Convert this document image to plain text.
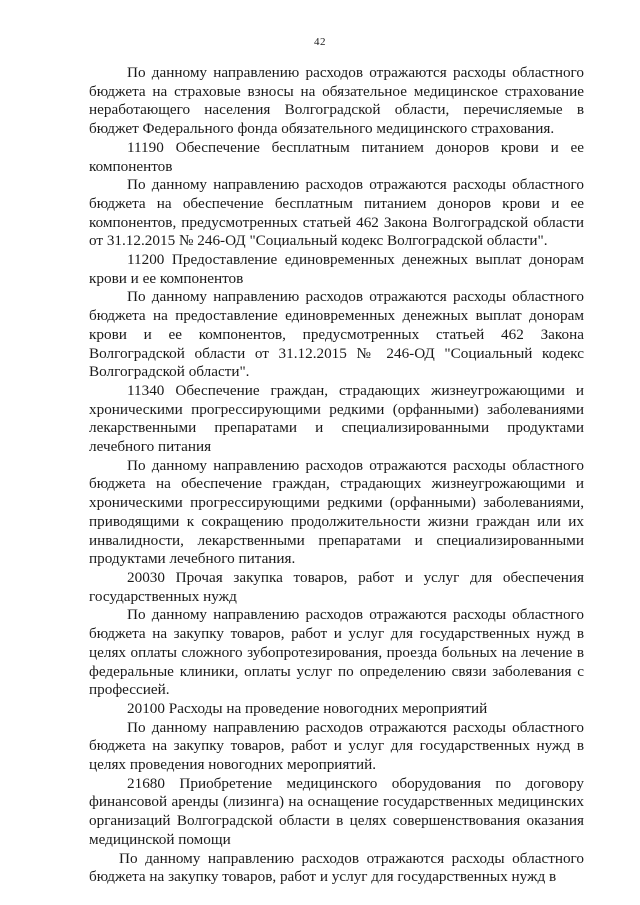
42

По данному направлению расходов отражаются расходы областного бюджета на страховые взносы на обязательное медицинское страхование неработающего населения Волгоградской области, перечисляемые в бюджет Федерального фонда обязательного медицинского страхования.

11190 Обеспечение бесплатным питанием доноров крови и ее компонентов

По данному направлению расходов отражаются расходы областного бюджета на обеспечение бесплатным питанием доноров крови и ее компонентов, предусмотренных статьей 462 Закона Волгоградской области от 31.12.2015 № 246-ОД "Социальный кодекс Волгоградской области".

11200 Предоставление единовременных денежных выплат донорам крови и ее компонентов

По данному направлению расходов отражаются расходы областного бюджета на предоставление единовременных денежных выплат донорам крови и ее компонентов, предусмотренных статьей 462 Закона Волгоградской области от 31.12.2015 № 246-ОД "Социальный кодекс Волгоградской области".

11340 Обеспечение граждан, страдающих жизнеугрожающими и хроническими прогрессирующими редкими (орфанными) заболеваниями лекарственными препаратами и специализированными продуктами лечебного питания

По данному направлению расходов отражаются расходы областного бюджета на обеспечение граждан, страдающих жизнеугрожающими и хроническими прогрессирующими редкими (орфанными) заболеваниями, приводящими к сокращению продолжительности жизни граждан или их инвалидности, лекарственными препаратами и специализированными продуктами лечебного питания.

20030 Прочая закупка товаров, работ и услуг для обеспечения государственных нужд

По данному направлению расходов отражаются расходы областного бюджета на закупку товаров, работ и услуг для государственных нужд в целях оплаты сложного зубопротезирования, проезда больных на лечение в федеральные клиники, оплаты услуг по определению связи заболевания с профессией.

20100 Расходы на проведение новогодних мероприятий

По данному направлению расходов отражаются расходы областного бюджета на закупку товаров, работ и услуг для государственных нужд в целях проведения новогодних мероприятий.

21680 Приобретение медицинского оборудования по договору финансовой аренды (лизинга) на оснащение государственных медицинских организаций Волгоградской области в целях совершенствования оказания медицинской помощи

По данному направлению расходов отражаются расходы областного бюджета на закупку товаров, работ и услуг для государственных нужд в
